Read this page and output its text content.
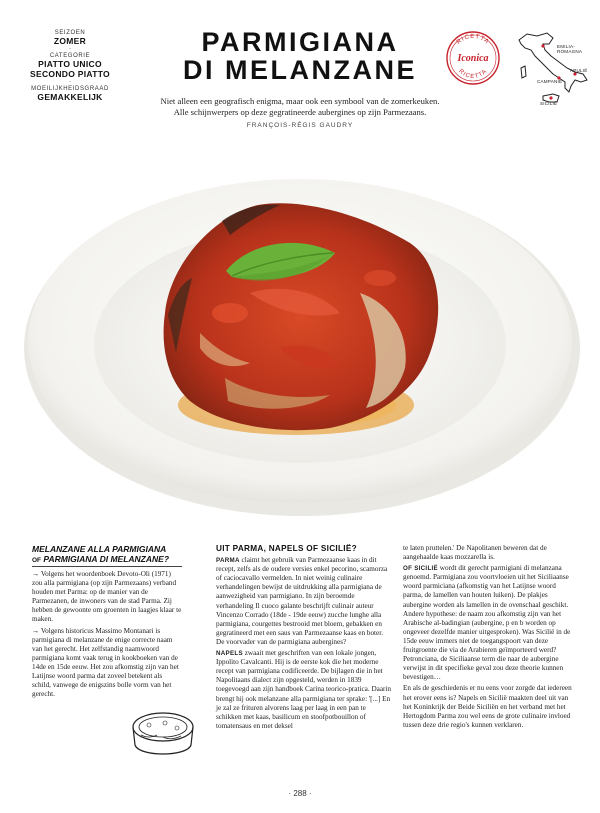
SEIZOEN
ZOMER
·
CATEGORIE
PIATTO UNICO
SECONDO PIATTO
·
MOEILIJKHEIDSGRAAD
GEMAKKELIJK
PARMIGIANA
DI MELANZANE
Niet alleen een geografisch enigma, maar ook een symbool van de zomerkeuken.
Alle schijnwerpers op deze gegratineerde aubergines op zijn Parmezaans.
FRANÇOIS-RÉGIS GAUDRY
RICETTA
Iconica
RICETTA
EMILIA-ROMAGNA
APULIË
CAMPANIË
SICILIË
MELANZANE ALLA PARMIGIANA
OF PARMIGIANA DI MELANZANE?

→ Volgens het woordenboek Devoto-Oli (1971) zou alla parmigiana (op zijn Parmezaans) verband houden met Parma: op de manier van de Parmezanen, de inwoners van de stad Parma. Zij hebben de gewoonte om groenten in laagjes klaar te maken.

→ Volgens historicus Massimo Montanari is parmigiana di melanzane de enige correcte naam van het gerecht. Het zelfstandig naamwoord parmigiana komt vaak terug in kookboeken van de 14de en 15de eeuw. Het zou afkomstig zijn van het Latijnse woord parma dat zoveel betekent als schild, vanwege de enigszins bolle vorm van het gerecht.

UIT PARMA, NAPELS OF SICILIË?

PARMA claimt het gebruik van Parmezaanse kaas in dit recept, zelfs als de oudere versies enkel pecorino, scamorza of caciocavallo vermelden. In niet weinig culinaire verhandelingen bewijst de uitdrukking alla parmigiana de aanwezigheid van parmigiano. In zijn beroemde verhandeling Il cuoco galante beschrijft culinair auteur Vincenzo Corrado (18de - 19de eeuw) zucche lunghe alla parmigiana, courgettes bestrooid met bloem, gebakken en gegratineerd met een saus van Parmezaanse kaas en boter. De voorvader van de parmigiana aubergines?

NAPELS zwaait met geschriften van een lokale jongen, Ippolito Cavalcanti. Hij is de eerste kok die het moderne recept van parmigiana codificeerde. De bijlagen die in het Napolitaans dialect zijn opgesteld, werden in 1839 toegevoegd aan zijn handboek Carina teorico-pratica. Daarin brengt hij ook melanzane alla parmigiana ter sprake: '[...] En je zal ze frituren alvorens laag per laag in een pan te schikken met kaas, basilicum en stoofpotbouillon of tomatensaus en met deksel

te laten pruttelen.' De Napolitanen beweren dat de aangehaalde kaas mozzarella is.

OF SICILIË wordt dit gerecht parmigiani di melanzana genoemd. Parmigiana zou voortvloeien uit het Siciliaanse woord parmiciana (afkomstig van het Latijnse woord parma, de lamellen van houten luiken). De plakjes aubergine worden als lamellen in de ovenschaal geschikt. Andere hypothese: de naam zou afkomstig zijn van het Arabische al-badingian (aubergine, p en b worden op ongeveer dezelfde manier uitgesproken). Was Sicilië in de 15de eeuw immers niet de toegangspoort van deze fruitgroente die via de Arabieren geïmporteerd werd? Petronciana, de Siciliaanse term die naar de aubergine verwijst in dit specifieke geval zou deze theorie kunnen bevestigen…

En als de geschiedenis er nu eens voor zorgde dat iedereen het erover eens is? Napels en Sicilië maakten deel uit van het Koninkrijk der Beide Siciliën en het verband met het Hertogdom Parma zou wel eens de grote culinaire invloed tussen deze drie regio's kunnen verklaren.

· 288 ·
